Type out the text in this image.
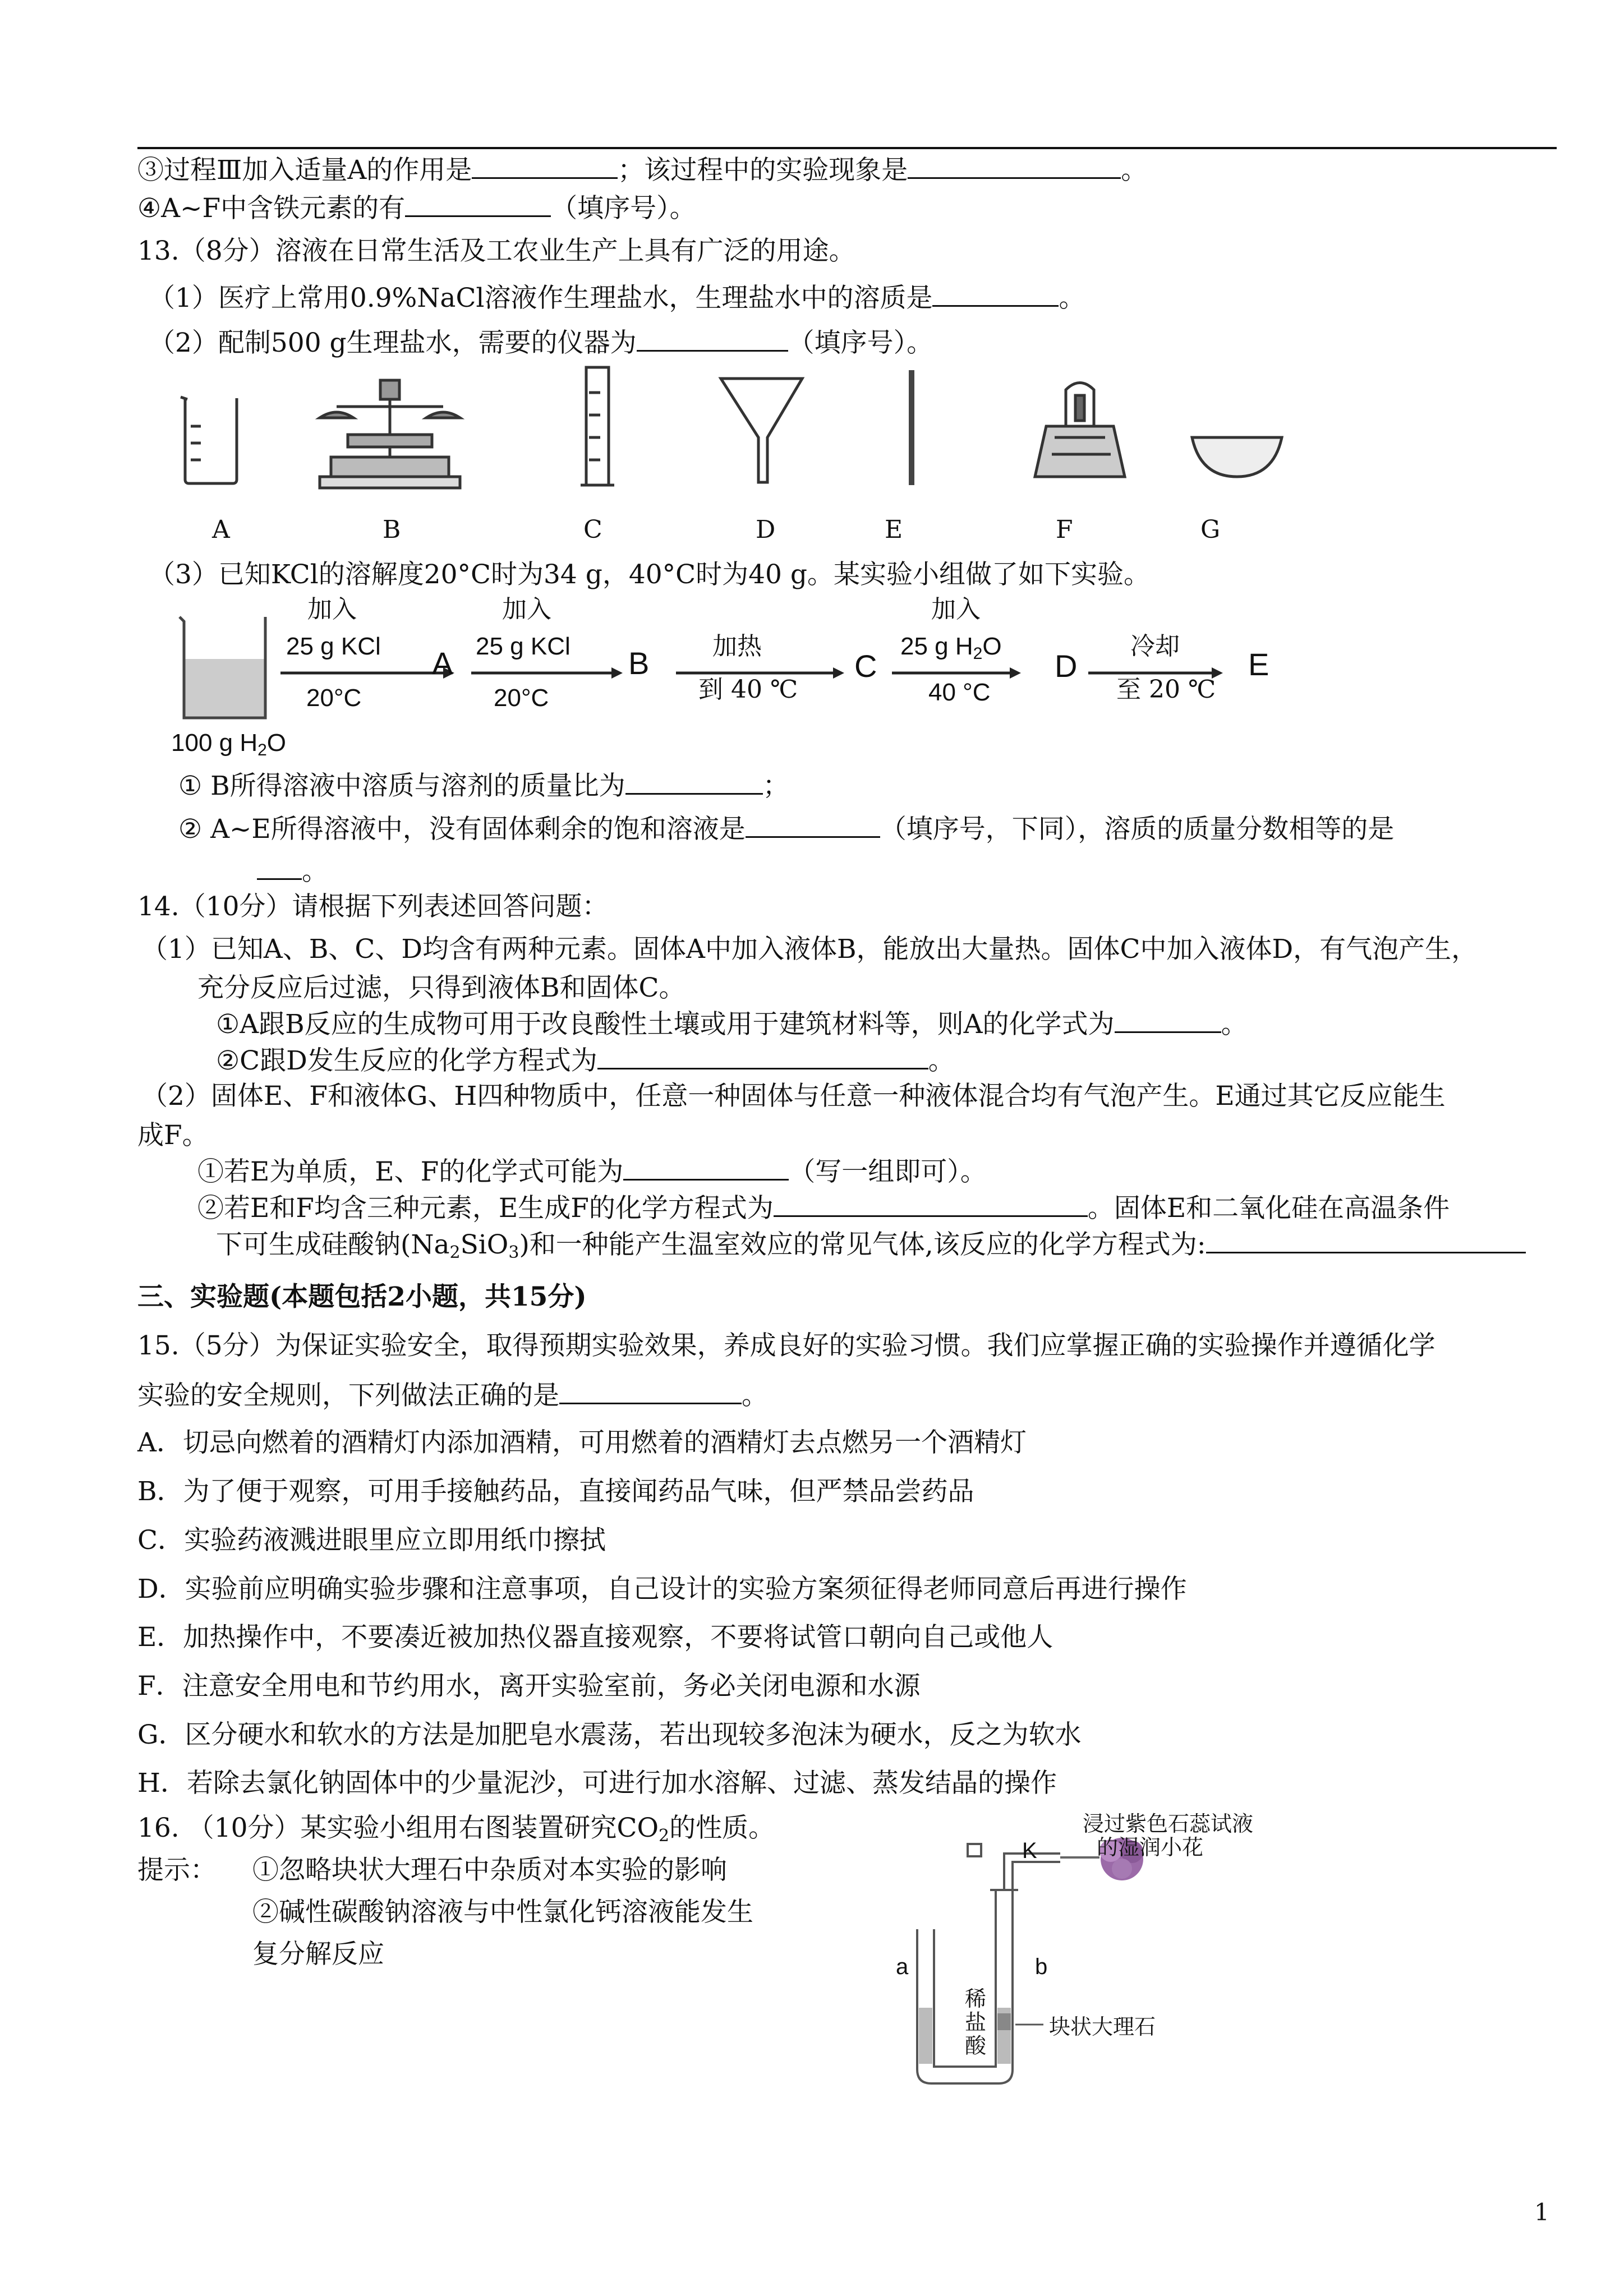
③过程Ⅲ加入适量A的作用是	；该过程中的实验现象是	。
④A~F中含铁元素的有	（填序号）。
13.（8分）溶液在日常生活及工农业生产上具有广泛的用途。
（1）医疗上常用0.9%NaCl溶液作生理盐水，生理盐水中的溶质是	。
（2）配制500 g生理盐水，需要的仪器为	（填序号）。
A	B	C	D	E	F	G
（3）已知KCl的溶解度20°C时为34 g，40°C时为40 g。某实验小组做了如下实验。
加入
25 g KCl
20°C
A
加入
25 g KCl
20°C
B	加热
到 40 ℃
C
加入
25 g $H_2O$
40 °C
D
冷却
至 20 ℃
E
100 g $H_2O$
① B所得溶液中溶质与溶剂的质量比为	；
② A~E所得溶液中，没有固体剩余的饱和溶液是	（填序号，下同），溶质的质量分数相等的是
。
14.（10分）请根据下列表述回答问题：
（1）已知A、B、C、D均含有两种元素。固体A中加入液体B，能放出大量热。固体C中加入液体D，有气泡产生，
充分反应后过滤，只得到液体B和固体C。
①A跟B反应的生成物可用于改良酸性土壤或用于建筑材料等，则A的化学式为	。
②C跟D发生反应的化学方程式为	。
（2）固体E、F和液体G、H四种物质中，任意一种固体与任意一种液体混合均有气泡产生。E通过其它反应能生
成F。
①若E为单质，E、F的化学式可能为	（写一组即可）。
②若E和F均含三种元素，E生成F的化学方程式为	。固体E和二氧化硅在高温条件
下可生成硅酸钠$(Na_2SiO_3)$和一种能产生温室效应的常见气体,该反应的化学方程式为:
三、实验题(本题包括2小题，共15分)
15.（5分）为保证实验安全，取得预期实验效果，养成良好的实验习惯。我们应掌握正确的实验操作并遵循化学
实验的安全规则，下列做法正确的是	。
A．切忌向燃着的酒精灯内添加酒精，可用燃着的酒精灯去点燃另一个酒精灯
B．为了便于观察，可用手接触药品，直接闻药品气味，但严禁品尝药品
C．实验药液溅进眼里应立即用纸巾擦拭
D．实验前应明确实验步骤和注意事项，自己设计的实验方案须征得老师同意后再进行操作
E．加热操作中，不要凑近被加热仪器直接观察，不要将试管口朝向自己或他人
F．注意安全用电和节约用水，离开实验室前，务必关闭电源和水源
G．区分硬水和软水的方法是加肥皂水震荡，若出现较多泡沫为硬水，反之为软水
H．若除去氯化钠固体中的少量泥沙，可进行加水溶解、过滤、蒸发结晶的操作
16. （10分）某实验小组用右图装置研究$CO_2$的性质。
提示： ①忽略块状大理石中杂质对本实验的影响
②碱性碳酸钠溶液与中性氯化钙溶液能发生
复分解反应
浸过紫色石蕊试液
的湿润小花
K
a	b
稀
盐
酸
块状大理石
1
